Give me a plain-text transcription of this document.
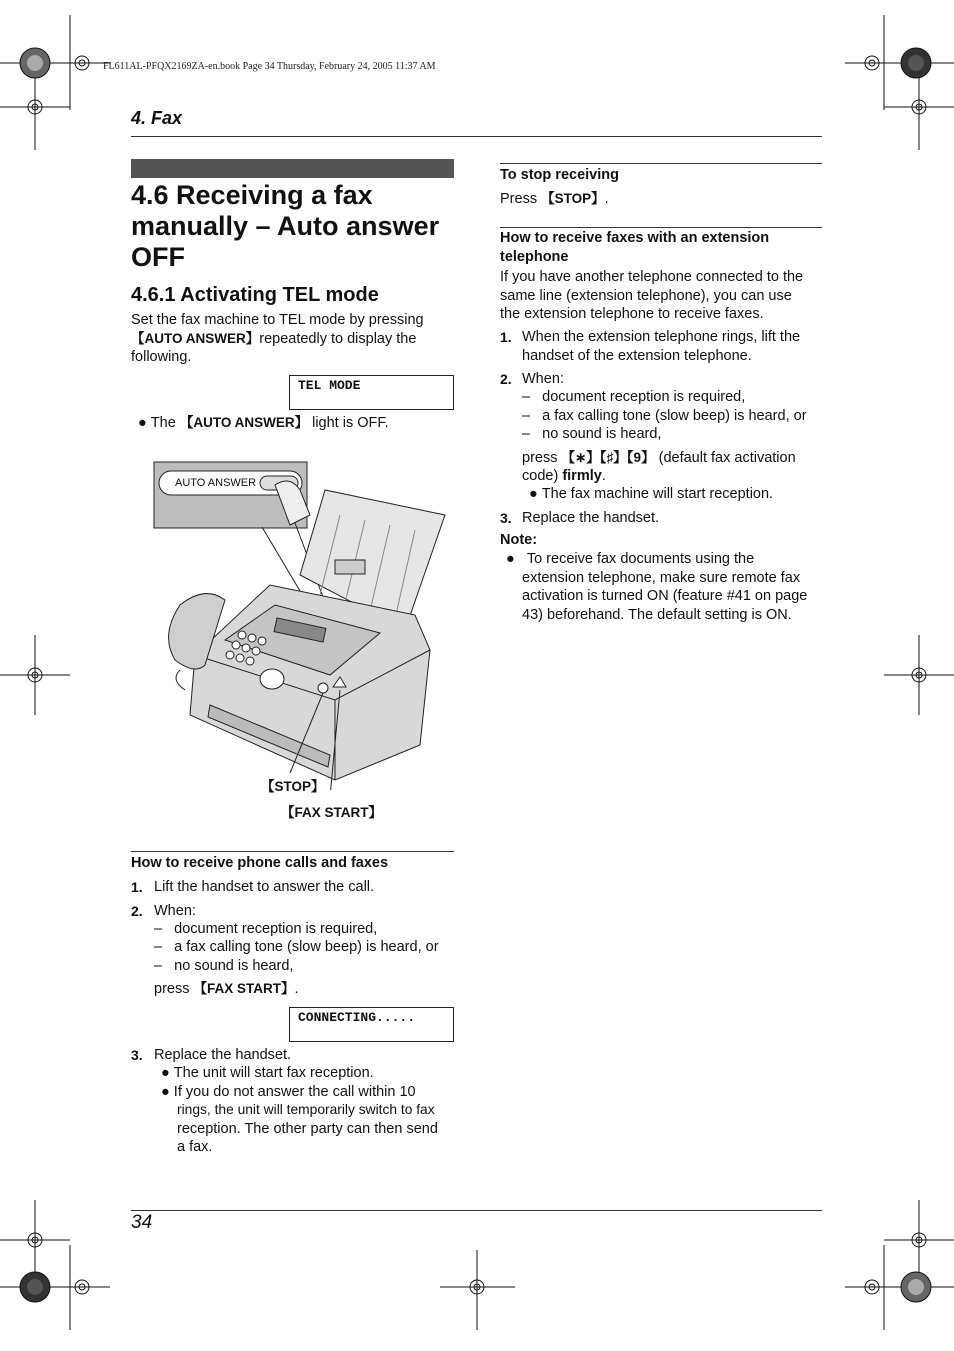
FL611AL-PFQX2169ZA-en.book Page 34 Thursday, February 24, 2005 11:37 AM
4. Fax
4.6 Receiving a fax manually – Auto answer OFF
4.6.1 Activating TEL mode
Set the fax machine to TEL mode by pressing 【AUTO ANSWER】repeatedly to display the following.
TEL MODE
● The 【AUTO ANSWER】 light is OFF.
AUTO ANSWER
【STOP】
【FAX START】
How to receive phone calls and faxes
1. Lift the handset to answer the call.
2. When:
–   document reception is required,
–   a fax calling tone (slow beep) is heard, or
–   no sound is heard,
press 【FAX START】.
CONNECTING.....
3. Replace the handset.
● The unit will start fax reception.
● If you do not answer the call within 10
rings, the unit will temporarily switch to fax
reception. The other party can then send
a fax.
To stop receiving
Press 【STOP】.
How to receive faxes with an extension
telephone
If you have another telephone connected to the
same line (extension telephone), you can use
the extension telephone to receive faxes.
1. When the extension telephone rings, lift the
handset of the extension telephone.
2. When:
–   document reception is required,
–   a fax calling tone (slow beep) is heard, or
–   no sound is heard,
press 【∗】【♯】【9】 (default fax activation
code) firmly.
● The fax machine will start reception.
3. Replace the handset.
Note:
●   To receive fax documents using the
extension telephone, make sure remote fax
activation is turned ON (feature #41 on page
43) beforehand. The default setting is ON.
34
